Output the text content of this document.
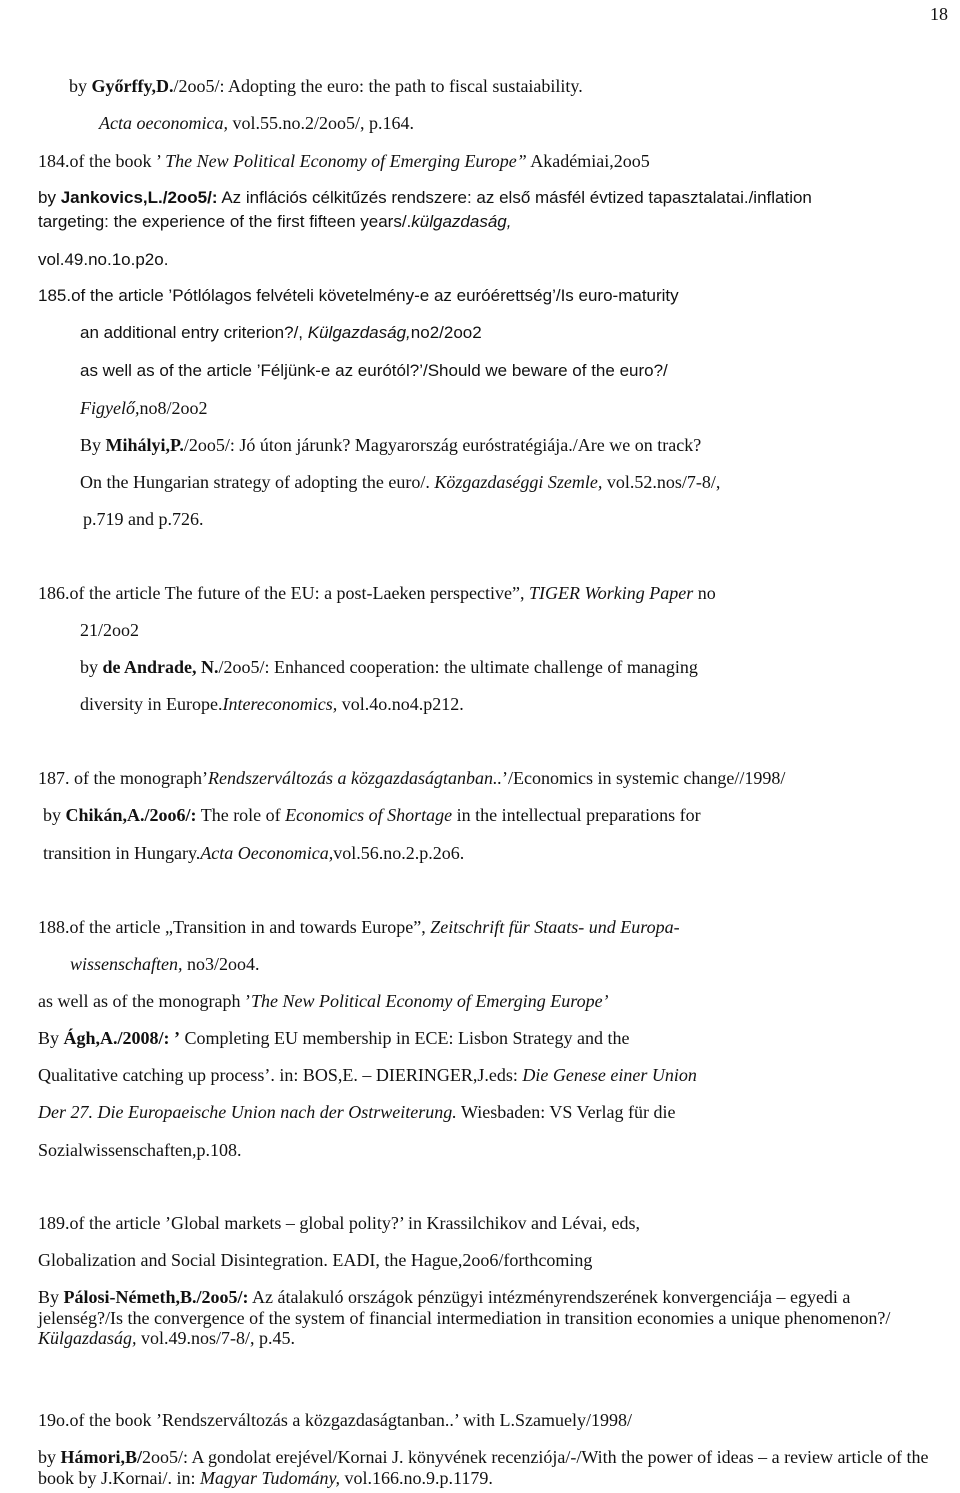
18
by Győrffy,D./2oo5/: Adopting the euro: the path to fiscal sustaiability.
Acta oeconomica, vol.55.no.2/2oo5/, p.164.
184.of the book ’ The New Political Economy of Emerging Europe” Akadémiai,2oo5
by Jankovics,L./2oo5/: Az inflációs célkitűzés rendszere: az első másfél évtized tapasztalatai./inflation
targeting: the experience of the first fifteen years/.külgazdaság,
vol.49.no.1o.p2o.
185.of the article ’Pótlólagos felvételi követelmény-e az euróérettség’/Is euro-maturity
an additional entry criterion?/, Külgazdaság,no2/2oo2
as well as of the article ’Féljünk-e az eurótól?’/Should we beware of the euro?/
Figyelő,no8/2oo2
By Mihályi,P./2oo5/: Jó úton járunk? Magyarország euróstratégiája./Are we on track?
On the Hungarian strategy of adopting the euro/. Közgazdaséggi Szemle, vol.52.nos/7-8/,
p.719 and p.726.
186.of the article The future of the EU: a post-Laeken perspective”, TIGER Working Paper no
21/2oo2
by de Andrade, N./2oo5/: Enhanced cooperation: the ultimate challenge of managing
diversity in Europe.Intereconomics, vol.4o.no4.p212.
187. of the monograph’Rendszerváltozás a közgazdaságtanban..’/Economics in systemic change//1998/
by Chikán,A./2oo6/: The role of Economics of Shortage in the intellectual preparations for
transition in Hungary.Acta Oeconomica,vol.56.no.2.p.2o6.
188.of the article „Transition in and towards Europe”, Zeitschrift für Staats- und Europa-
wissenschaften, no3/2oo4.
as well as of the monograph ’The New Political Economy of Emerging Europe’
By Ágh,A./2008/: ’ Completing EU membership in ECE: Lisbon Strategy and the
Qualitative catching up process’. in: BOS,E. – DIERINGER,J.eds: Die Genese einer Union
Der 27. Die Europaeische Union nach der Ostrweiterung. Wiesbaden: VS Verlag für die
Sozialwissenschaften,p.108.
189.of the article ’Global markets – global polity?’ in Krassilchikov and Lévai, eds,
Globalization and Social Disintegration. EADI, the Hague,2oo6/forthcoming
By Pálosi-Németh,B./2oo5/: Az átalakuló országok pénzügyi intézményrendszerének konvergenciája – egyedi a jelenség?/Is the convergence of the system of financial intermediation in transition economies a unique phenomenon?/ Külgazdaság, vol.49.nos/7-8/, p.45.
19o.of the book ’Rendszerváltozás a közgazdaságtanban..’ with L.Szamuely/1998/
by Hámori,B/2oo5/: A gondolat erejével/Kornai J. könyvének recenziója/-/With the power of ideas – a review article of the book by J.Kornai/. in: Magyar Tudomány, vol.166.no.9.p.1179.
